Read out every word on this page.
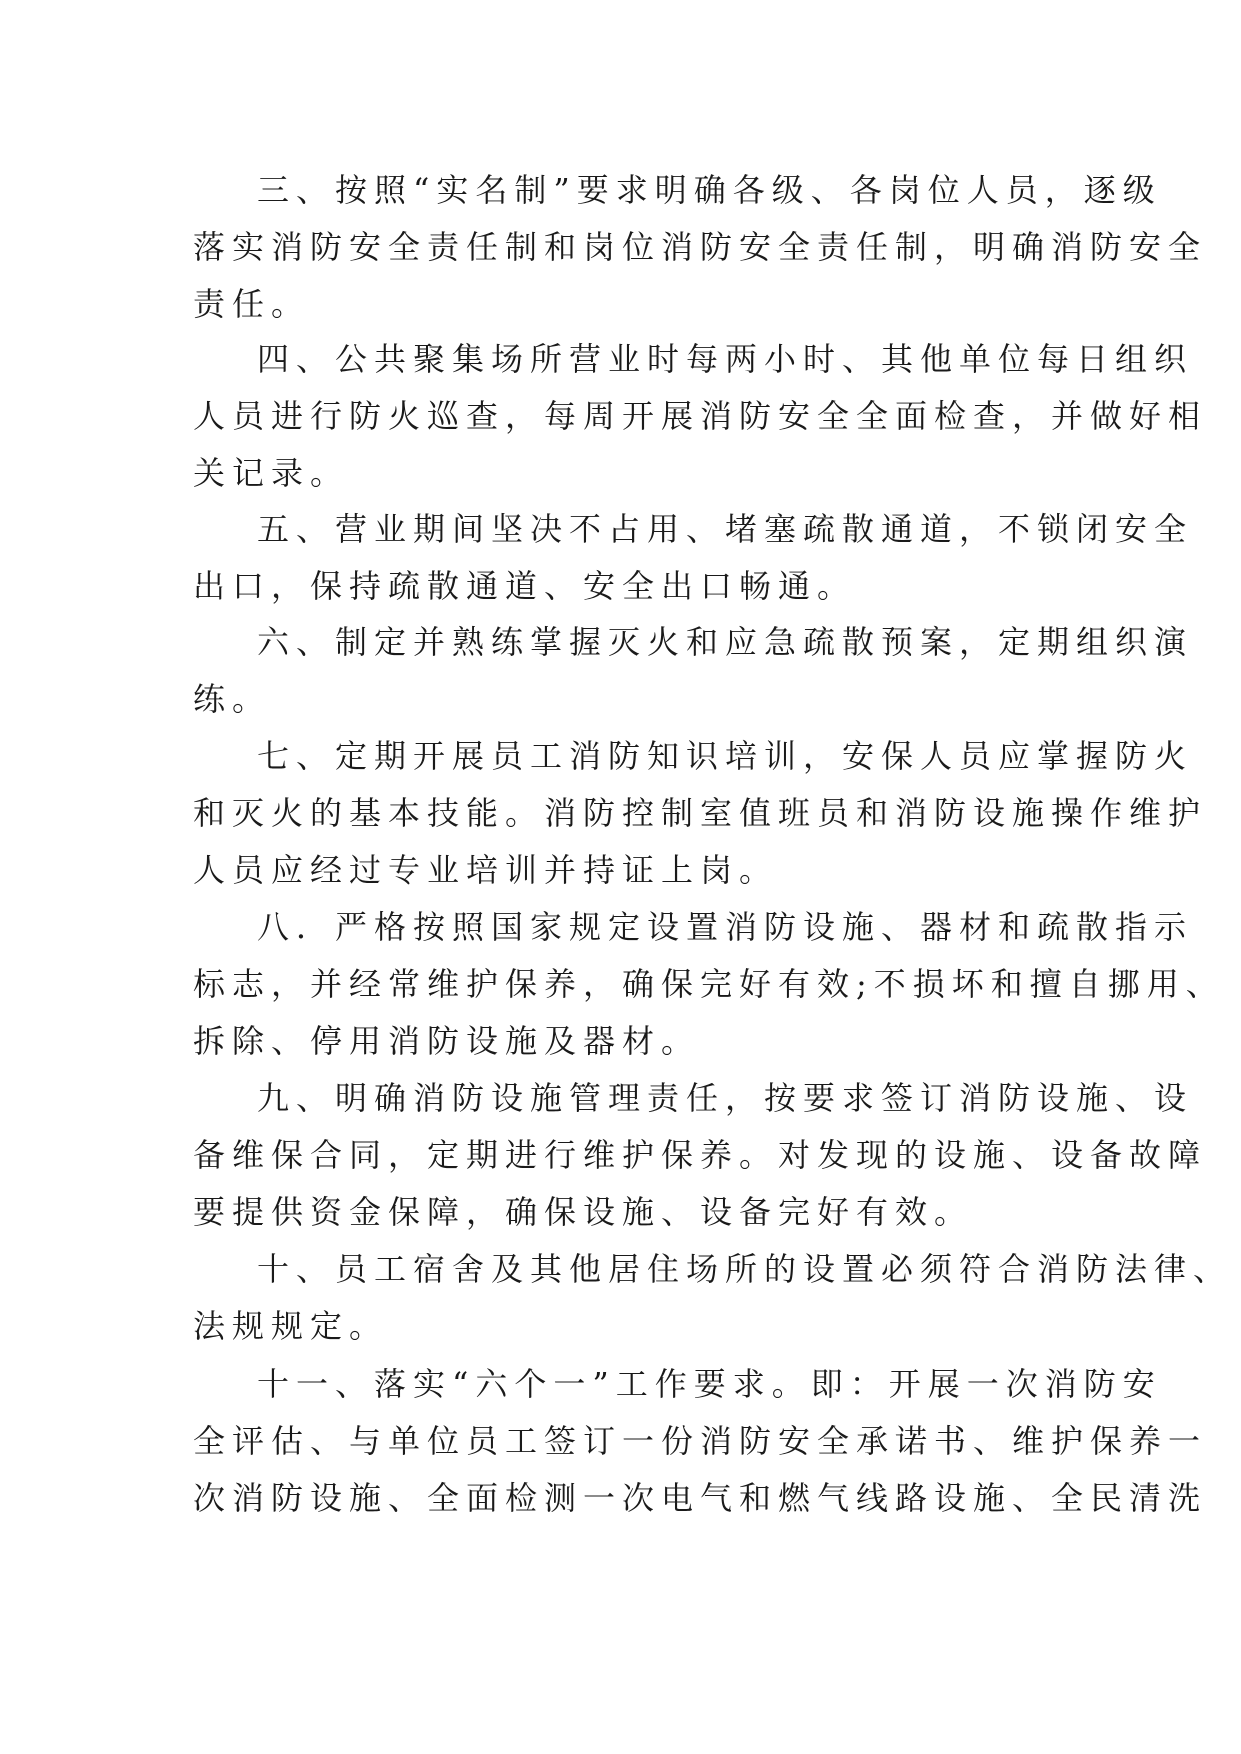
三、按照“实名制”要求明确各级、各岗位人员，逐级
落实消防安全责任制和岗位消防安全责任制，明确消防安全
责任。
四、公共聚集场所营业时每两小时、其他单位每日组织
人员进行防火巡查，每周开展消防安全全面检查，并做好相
关记录。
五、营业期间坚决不占用、堵塞疏散通道，不锁闭安全
出口，保持疏散通道、安全出口畅通。
六、制定并熟练掌握灭火和应急疏散预案，定期组织演
练。
七、定期开展员工消防知识培训，安保人员应掌握防火
和灭火的基本技能。消防控制室值班员和消防设施操作维护
人员应经过专业培训并持证上岗。
八．严格按照国家规定设置消防设施、器材和疏散指示
标志，并经常维护保养，确保完好有效;不损坏和擅自挪用、
拆除、停用消防设施及器材。
九、明确消防设施管理责任，按要求签订消防设施、设
备维保合同，定期进行维护保养。对发现的设施、设备故障
要提供资金保障，确保设施、设备完好有效。
十、员工宿舍及其他居住场所的设置必须符合消防法律、
法规规定。
十一、落实“六个一”工作要求。即：开展一次消防安
全评估、与单位员工签订一份消防安全承诺书、维护保养一
次消防设施、全面检测一次电气和燃气线路设施、全民清洗
